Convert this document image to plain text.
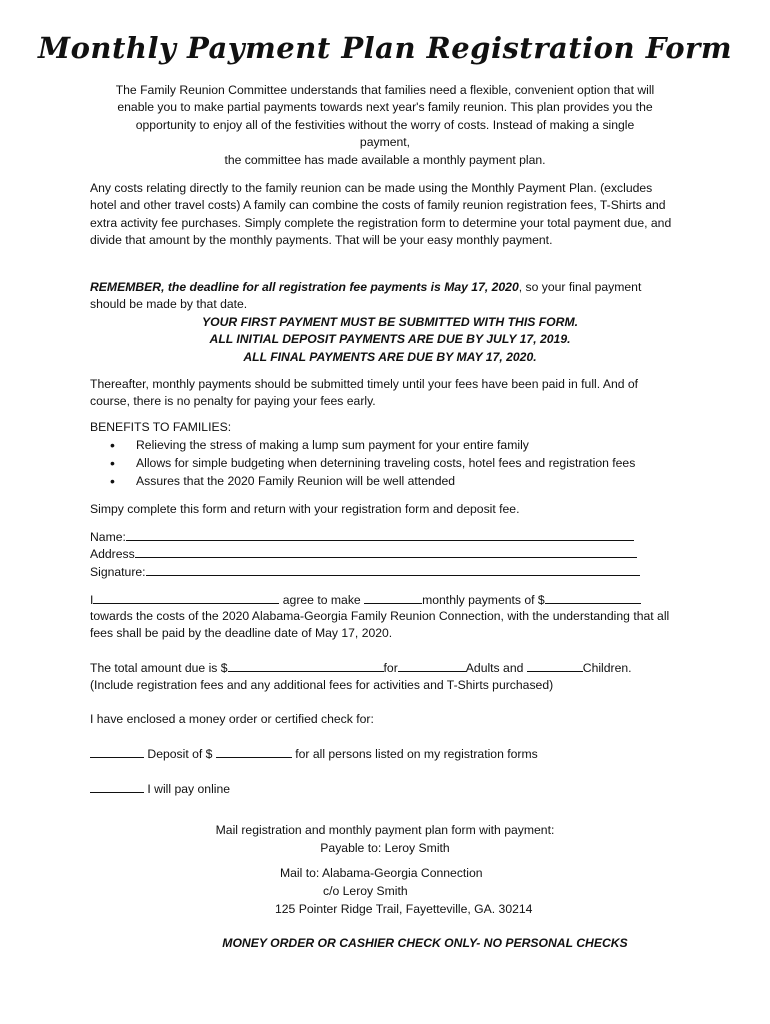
Monthly Payment Plan Registration Form
The Family Reunion Committee understands that families need a flexible, convenient option that will
enable you to make partial payments towards next year's family reunion. This plan provides you the
opportunity to enjoy all of the festivities without the worry of costs. Instead of making a single
payment,
the committee has made available a monthly payment plan.

Any costs relating directly to the family reunion can be made using the Monthly Payment Plan. (excludes hotel and other travel costs) A family can combine the costs of family reunion registration fees, T-Shirts and extra activity fee purchases. Simply complete the registration form to determine your total payment due, and divide that amount by the monthly payments. That will be your easy monthly payment.

REMEMBER, the deadline for all registration fee payments is May 17, 2020, so your final payment should be made by that date.

YOUR FIRST PAYMENT MUST BE SUBMITTED WITH THIS FORM.
ALL INITIAL DEPOSIT PAYMENTS ARE DUE BY JULY 17, 2019.
ALL FINAL PAYMENTS ARE DUE BY MAY 17, 2020.

Thereafter, monthly payments should be submitted timely until your fees have been paid in full. And of course, there is no penalty for paying your fees early.

BENEFITS TO FAMILIES:
• Relieving the stress of making a lump sum payment for your entire family
• Allows for simple budgeting when deternining traveling costs, hotel fees and registration fees
• Assures that the 2020 Family Reunion will be well attended
Simpy complete this form and return with your registration form and deposit fee.
Name:
Address
Signature:
I	agree to make	monthly payments of $

towards the costs of the 2020 Alabama-Georgia Family Reunion Connection, with the understanding that all fees shall be paid by the deadline date of May 17, 2020.

The total amount due is $	for	Adults and	Children.
(Include registration fees and any additional fees for activities and T-Shirts purchased)
I have enclosed a money order or certified check for:
Deposit of $	for all persons listed on my registration forms
I will pay online
Mail registration and monthly payment plan form with payment:
Payable to: Leroy Smith
Mail to: Alabama-Georgia Connection
c/o Leroy Smith
125 Pointer Ridge Trail, Fayetteville, GA. 30214
MONEY ORDER OR CASHIER CHECK ONLY- NO PERSONAL CHECKS
